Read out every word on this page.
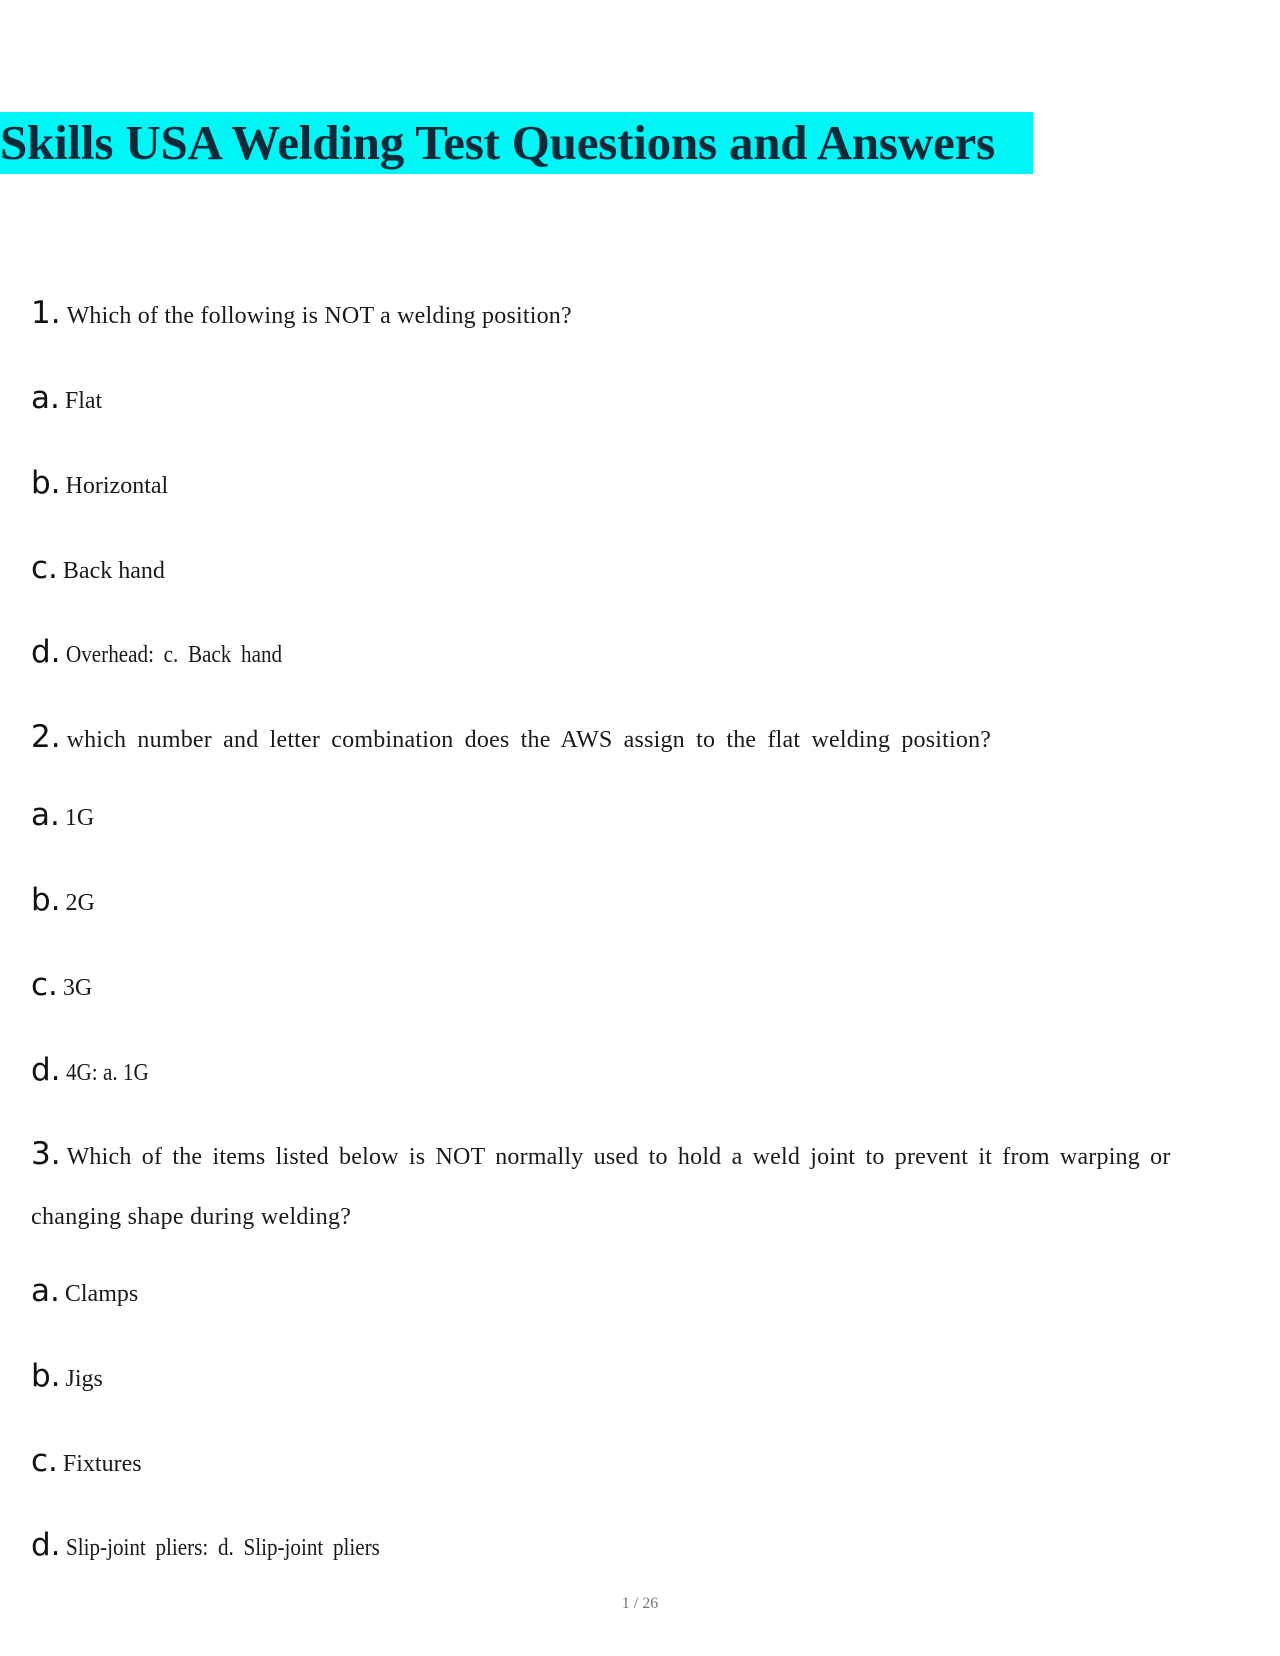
Skills USA Welding Test Questions and Answers
1. Which of the following is NOT a welding position?
a. Flat
b. Horizontal
c. Back hand
d. Overhead: c. Back hand
2. which number and letter combination does the AWS assign to the flat welding position?
a. 1G
b. 2G
c. 3G
d. 4G: a. 1G
3. Which of the items listed below is NOT normally used to hold a weld joint to prevent it from warping or
changing shape during welding?
a. Clamps
b. Jigs
c. Fixtures
d. Slip-joint pliers: d. Slip-joint pliers
1 / 26
